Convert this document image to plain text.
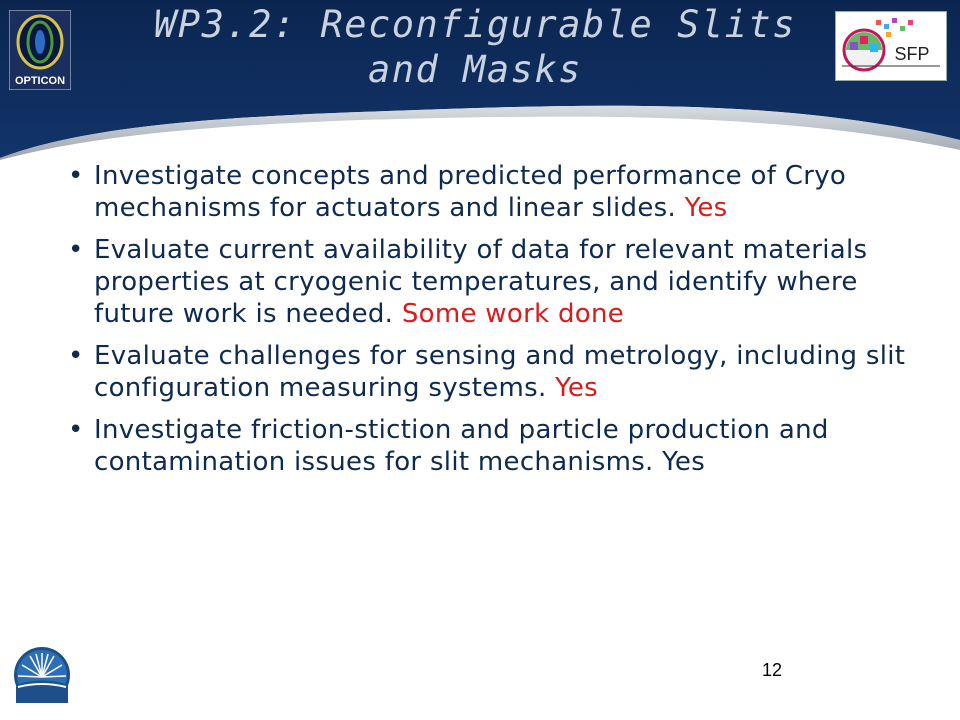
WP3.2: Reconfigurable Slits and Masks
OPTICON
SFP
• Investigate concepts and predicted performance of Cryo mechanisms for actuators and linear slides. Yes
• Evaluate current availability of data for relevant materials properties at cryogenic temperatures, and identify where future work is needed. Some work done
• Evaluate challenges for sensing and metrology, including slit configuration measuring systems. Yes
• Investigate friction-stiction and particle production and contamination issues for slit mechanisms. Yes
12
